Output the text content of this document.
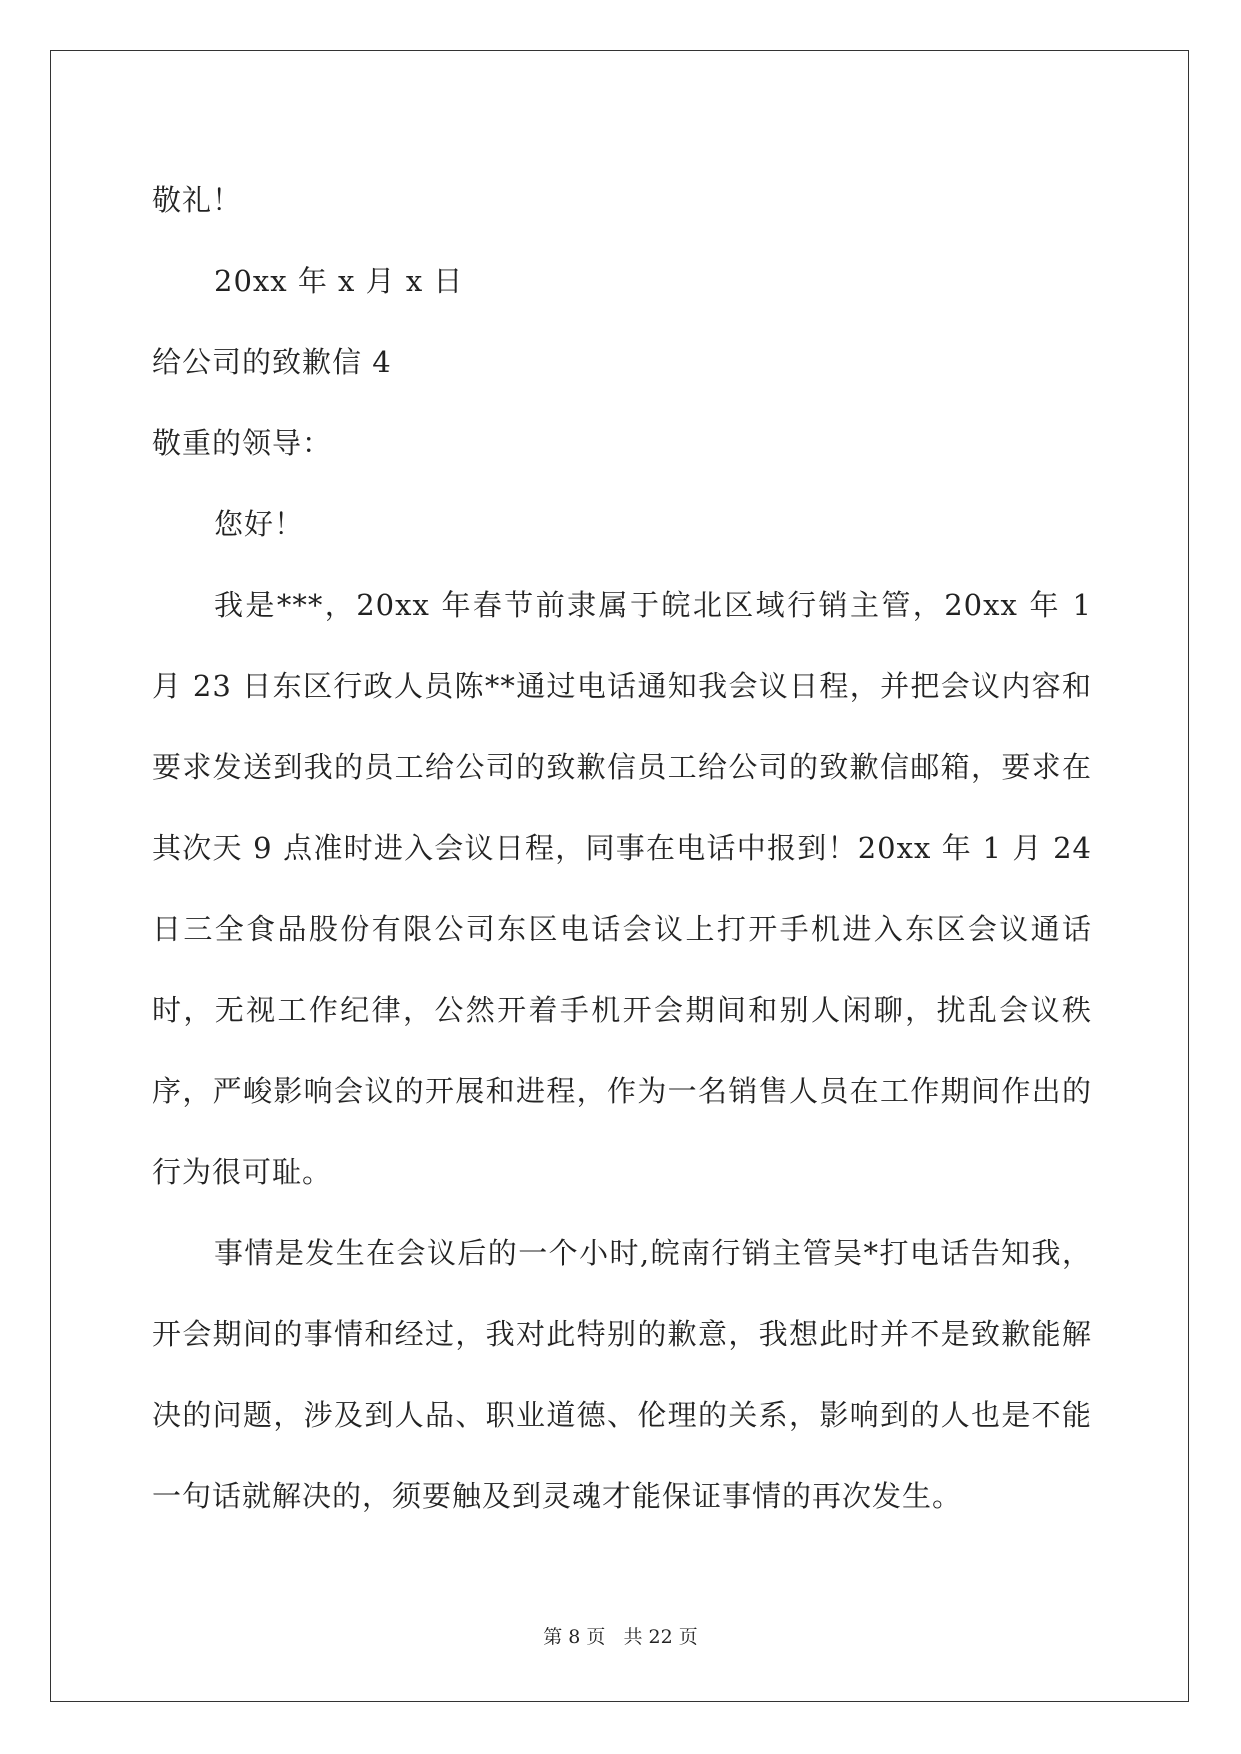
敬礼！
20xx 年 x 月 x 日
给公司的致歉信 4
敬重的领导：
您好！
我是***，20xx 年春节前隶属于皖北区域行销主管，20xx 年 1 月 23 日东区行政人员陈**通过电话通知我会议日程，并把会议内容和要求发送到我的员工给公司的致歉信员工给公司的致歉信邮箱，要求在其次天 9 点准时进入会议日程，同事在电话中报到！20xx 年 1 月 24 日三全食品股份有限公司东区电话会议上打开手机进入东区会议通话时，无视工作纪律，公然开着手机开会期间和别人闲聊，扰乱会议秩序，严峻影响会议的开展和进程，作为一名销售人员在工作期间作出的行为很可耻。
事情是发生在会议后的一个小时,皖南行销主管吴*打电话告知我，开会期间的事情和经过，我对此特别的歉意，我想此时并不是致歉能解决的问题，涉及到人品、职业道德、伦理的关系，影响到的人也是不能一句话就解决的，须要触及到灵魂才能保证事情的再次发生。
第 8 页 共 22 页
